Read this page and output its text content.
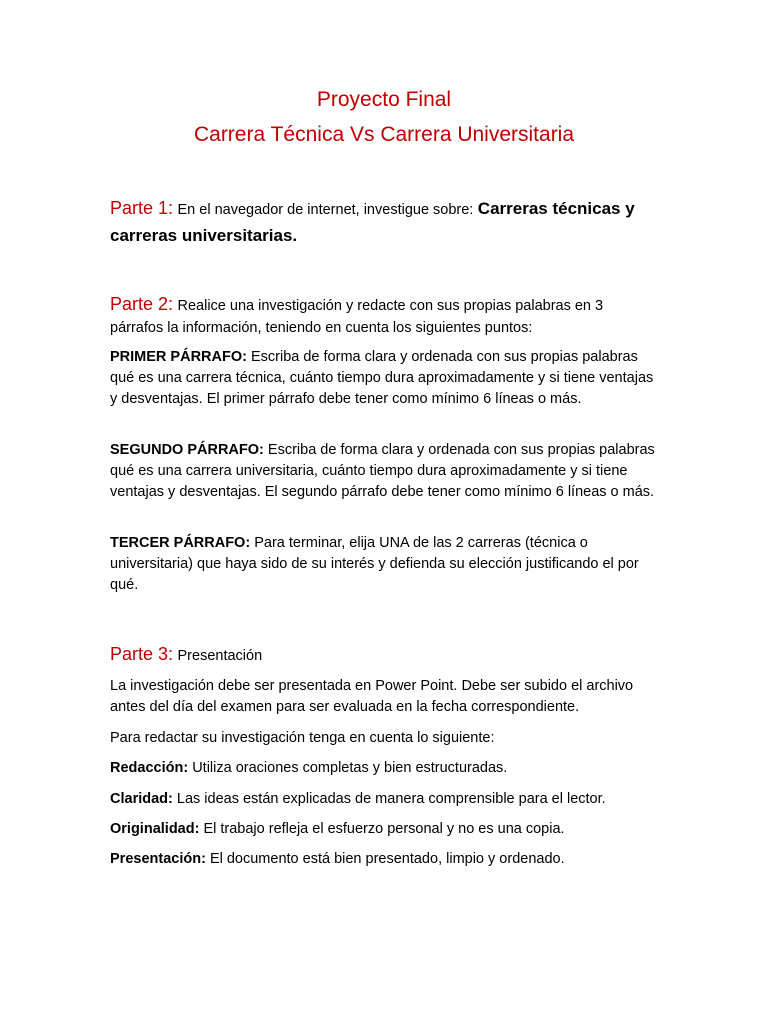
Proyecto Final
Carrera Técnica Vs Carrera Universitaria
Parte 1: En el navegador de internet, investigue sobre: Carreras técnicas y carreras universitarias.
Parte 2: Realice una investigación y redacte con sus propias palabras en 3 párrafos la información, teniendo en cuenta los siguientes puntos:

PRIMER PÁRRAFO: Escriba de forma clara y ordenada con sus propias palabras qué es una carrera técnica, cuánto tiempo dura aproximadamente y si tiene ventajas y desventajas. El primer párrafo debe tener como mínimo 6 líneas o más.

SEGUNDO PÁRRAFO: Escriba de forma clara y ordenada con sus propias palabras qué es una carrera universitaria, cuánto tiempo dura aproximadamente y si tiene ventajas y desventajas. El segundo párrafo debe tener como mínimo 6 líneas o más.

TERCER PÁRRAFO: Para terminar, elija UNA de las 2 carreras (técnica o universitaria) que haya sido de su interés y defienda su elección justificando el por qué.

Parte 3: Presentación

La investigación debe ser presentada en Power Point. Debe ser subido el archivo antes del día del examen para ser evaluada en la fecha correspondiente.

Para redactar su investigación tenga en cuenta lo siguiente:

Redacción: Utiliza oraciones completas y bien estructuradas.

Claridad: Las ideas están explicadas de manera comprensible para el lector.

Originalidad: El trabajo refleja el esfuerzo personal y no es una copia.

Presentación: El documento está bien presentado, limpio y ordenado.
